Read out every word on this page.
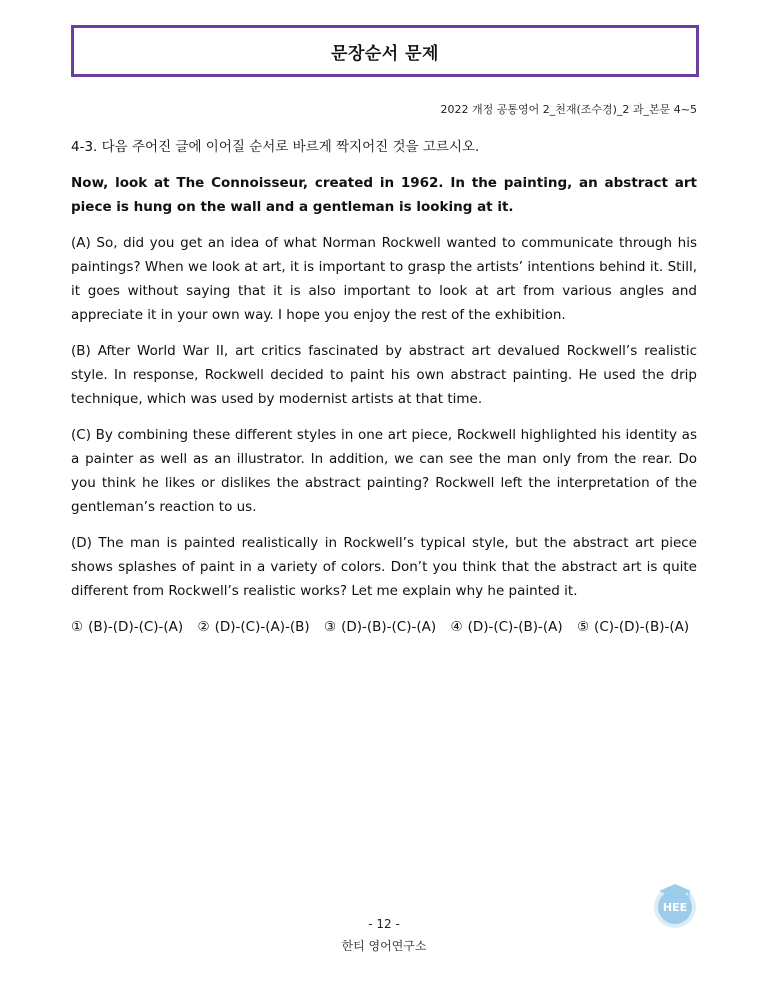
문장순서 문제
2022 개정 공통영어 2_천재(조수경)_2 과_본문 4~5

4-3. 다음 주어진 글에 이어질 순서로 바르게 짝지어진 것을 고르시오.

Now, look at The Connoisseur, created in 1962. In the painting, an abstract art piece is hung on the wall and a gentleman is looking at it.

(A) So, did you get an idea of what Norman Rockwell wanted to communicate through his paintings? When we look at art, it is important to grasp the artists’ intentions behind it. Still, it goes without saying that it is also important to look at art from various angles and appreciate it in your own way. I hope you enjoy the rest of the exhibition.

(B) After World War II, art critics fascinated by abstract art devalued Rockwell’s realistic style. In response, Rockwell decided to paint his own abstract painting. He used the drip technique, which was used by modernist artists at that time.

(C) By combining these different styles in one art piece, Rockwell highlighted his identity as a painter as well as an illustrator. In addition, we can see the man only from the rear. Do you think he likes or dislikes the abstract painting? Rockwell left the interpretation of the gentleman’s reaction to us.

(D) The man is painted realistically in Rockwell’s typical style, but the abstract art piece shows splashes of paint in a variety of colors. Don’t you think that the abstract art is quite different from Rockwell’s realistic works? Let me explain why he painted it.

① (B)-(D)-(C)-(A) ② (D)-(C)-(A)-(B) ③ (D)-(B)-(C)-(A) ④ (D)-(C)-(B)-(A) ⑤ (C)-(D)-(B)-(A)
HEE
- 12 -
한티 영어연구소
